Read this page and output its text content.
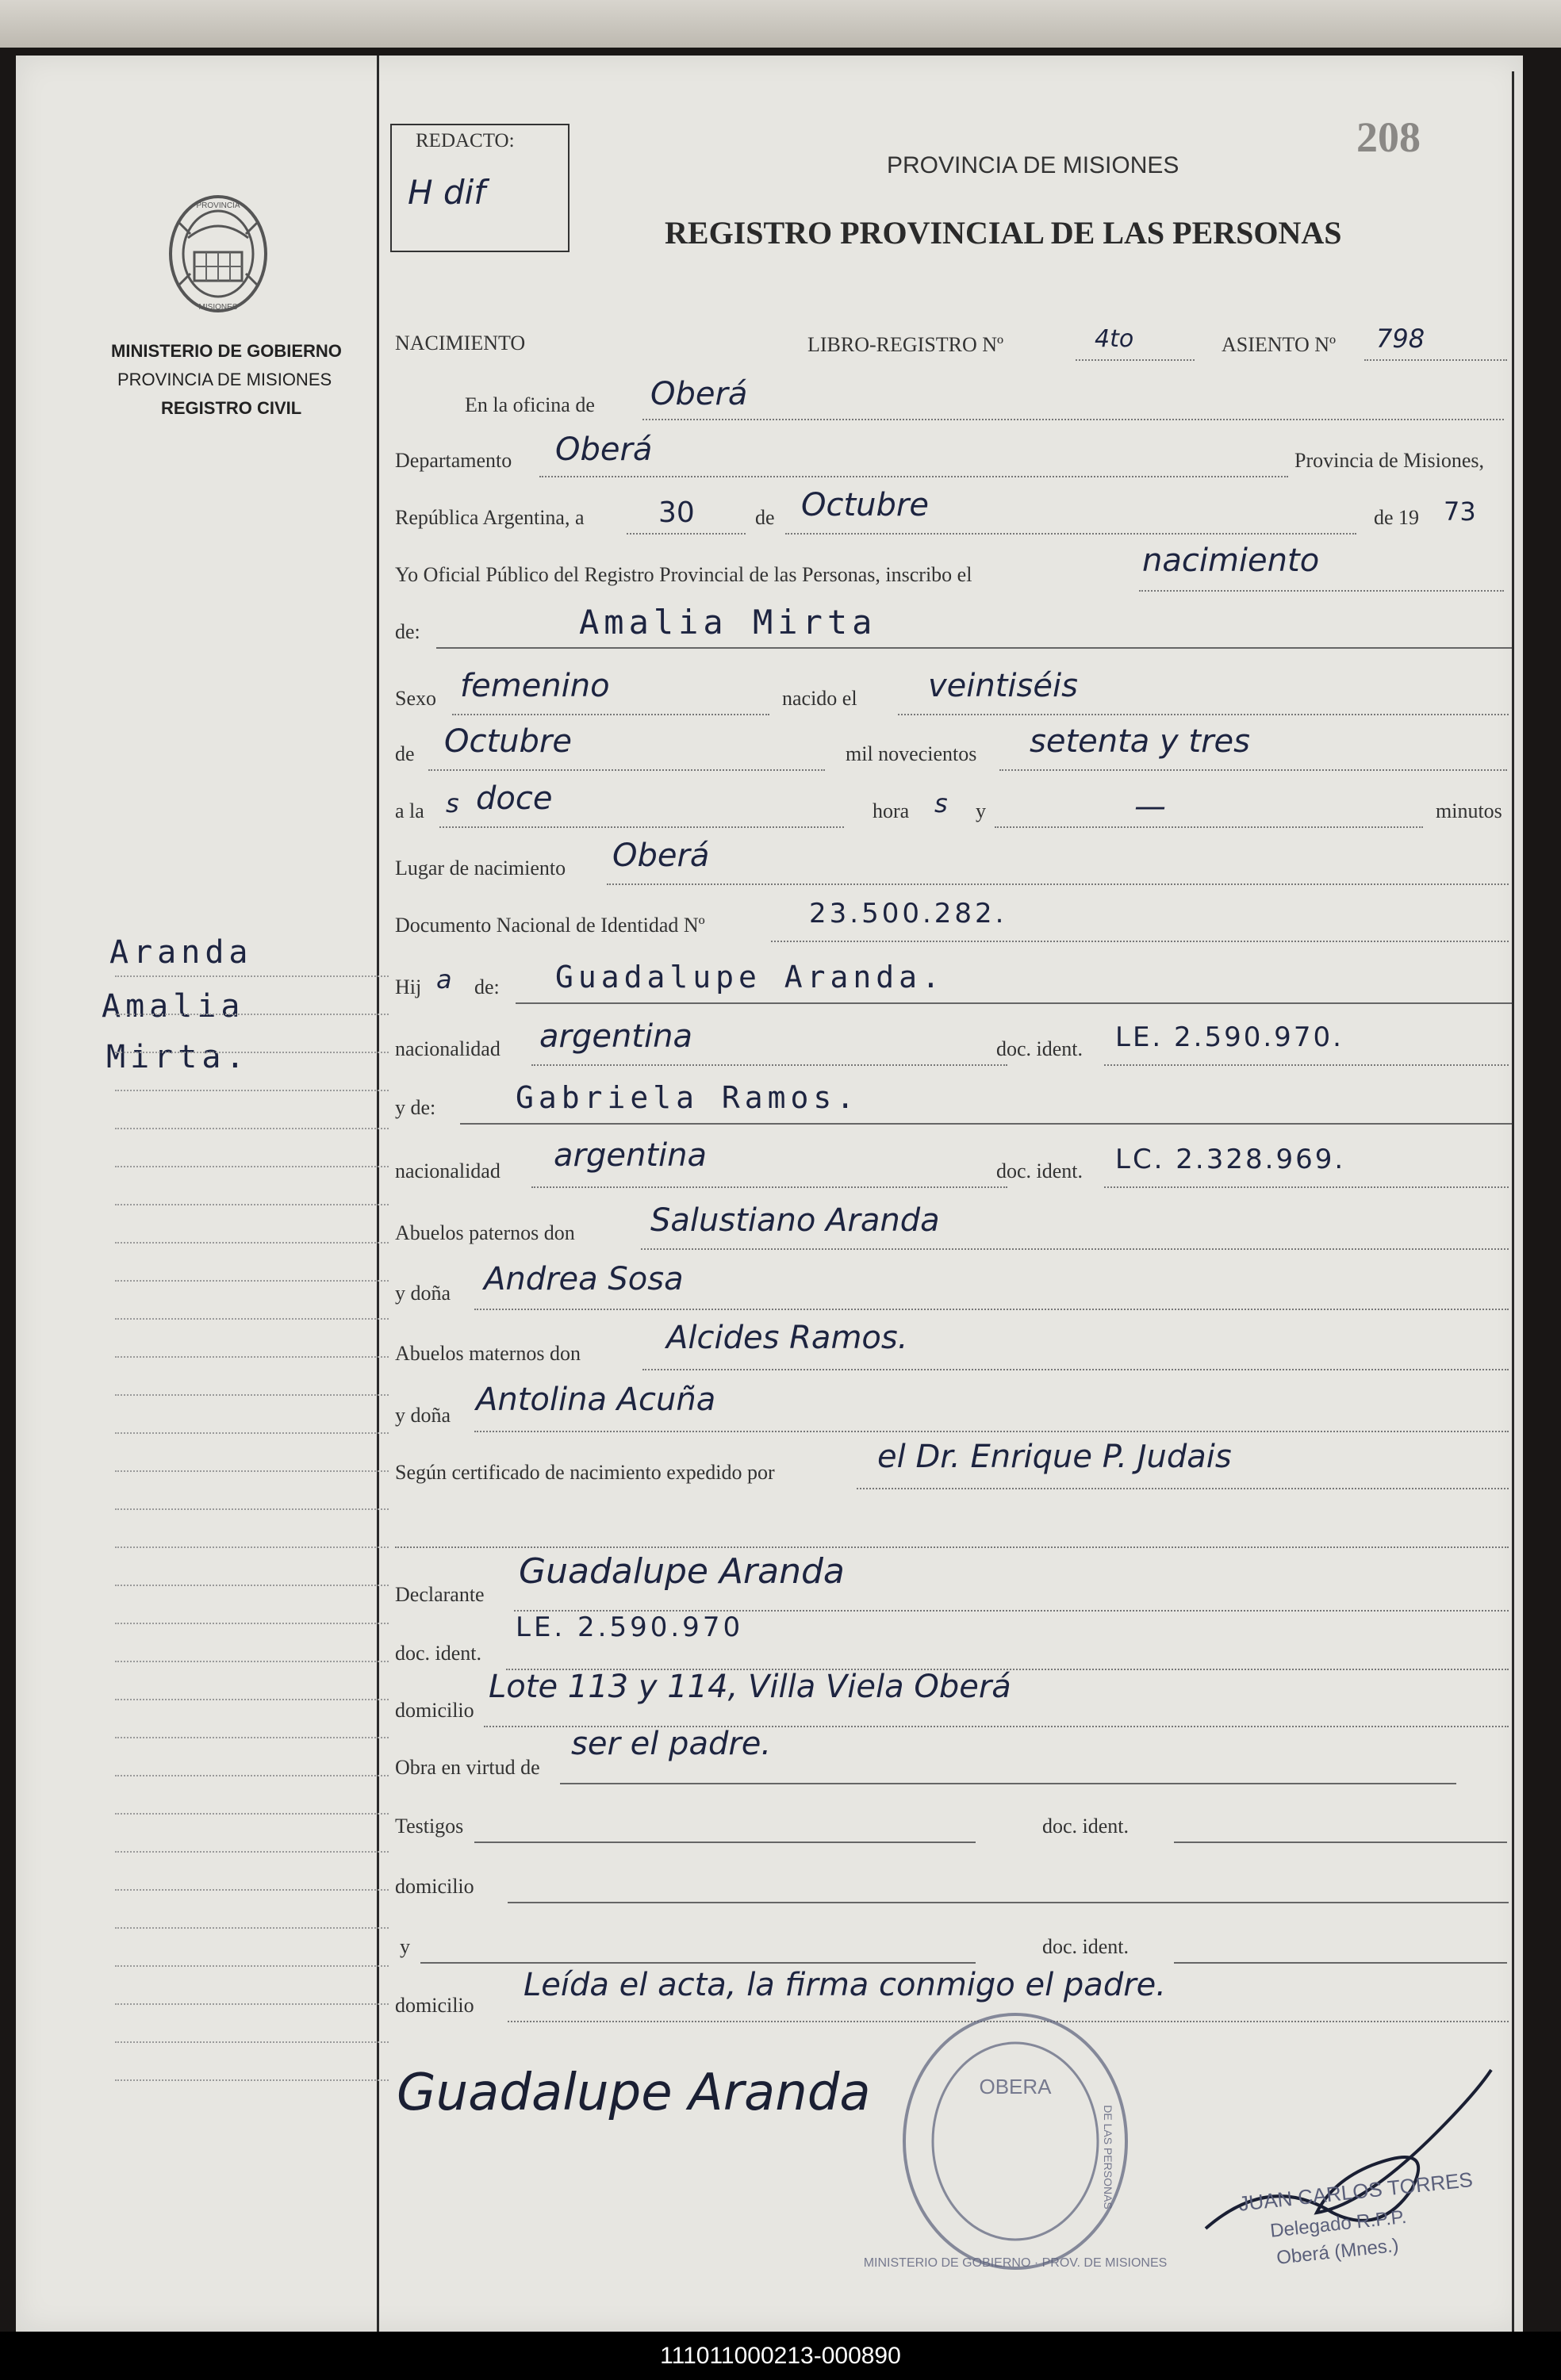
REDACTO:
H dif
208
PROVINCIA DE MISIONES
REGISTRO PROVINCIAL DE LAS PERSONAS
PROVINCIA
MISIONES
MINISTERIO DE GOBIERNO
PROVINCIA DE MISIONES
REGISTRO CIVIL
Aranda
Amalia
Mirta.
NACIMIENTO	LIBRO-REGISTRO Nº	4to	ASIENTO Nº 798
En la oficina de Oberá
Departamento Oberá	Provincia de Misiones,
República Argentina, a	30	de Octubre	de 19 73
Yo Oficial Público del Registro Provincial de las Personas, inscribo el	nacimiento
de:	Amalia Mirta
Sexo femenino	nacido el veintiséis
de Octubre	mil novecientos setenta y tres
a la s doce	hora s y	—	minutos
Lugar de nacimiento Oberá
Documento Nacional de Identidad Nº	23.500.282.
Hij a de: Guadalupe Aranda.
nacionalidad argentina	doc. ident. LE. 2.590.970.
y de:	Gabriela Ramos.
nacionalidad argentina	doc. ident. LC. 2.328.969.
Abuelos paternos don Salustiano Aranda
y doña Andrea Sosa
Abuelos maternos don	Alcides Ramos.
y doña Antolina Acuña
Según certificado de nacimiento expedido por	el Dr. Enrique P. Judais
Declarante
Guadalupe Aranda
doc. ident.
LE. 2.590.970
domicilio
Lote 113 y 114, Villa Viela Oberá
Obra en virtud de
ser el padre.
Testigos	doc. ident.
domicilio
y	doc. ident.
domicilio
Leída el acta, la firma conmigo el padre.
Guadalupe Aranda	OBERA
MINISTERIO DE GOBIERNO · PROV. DE MISIONES
DE LAS PERSONAS	JUAN CARLOS TORRES
Delegado R.P.P.
Oberá (Mnes.)
111011000213-000890
